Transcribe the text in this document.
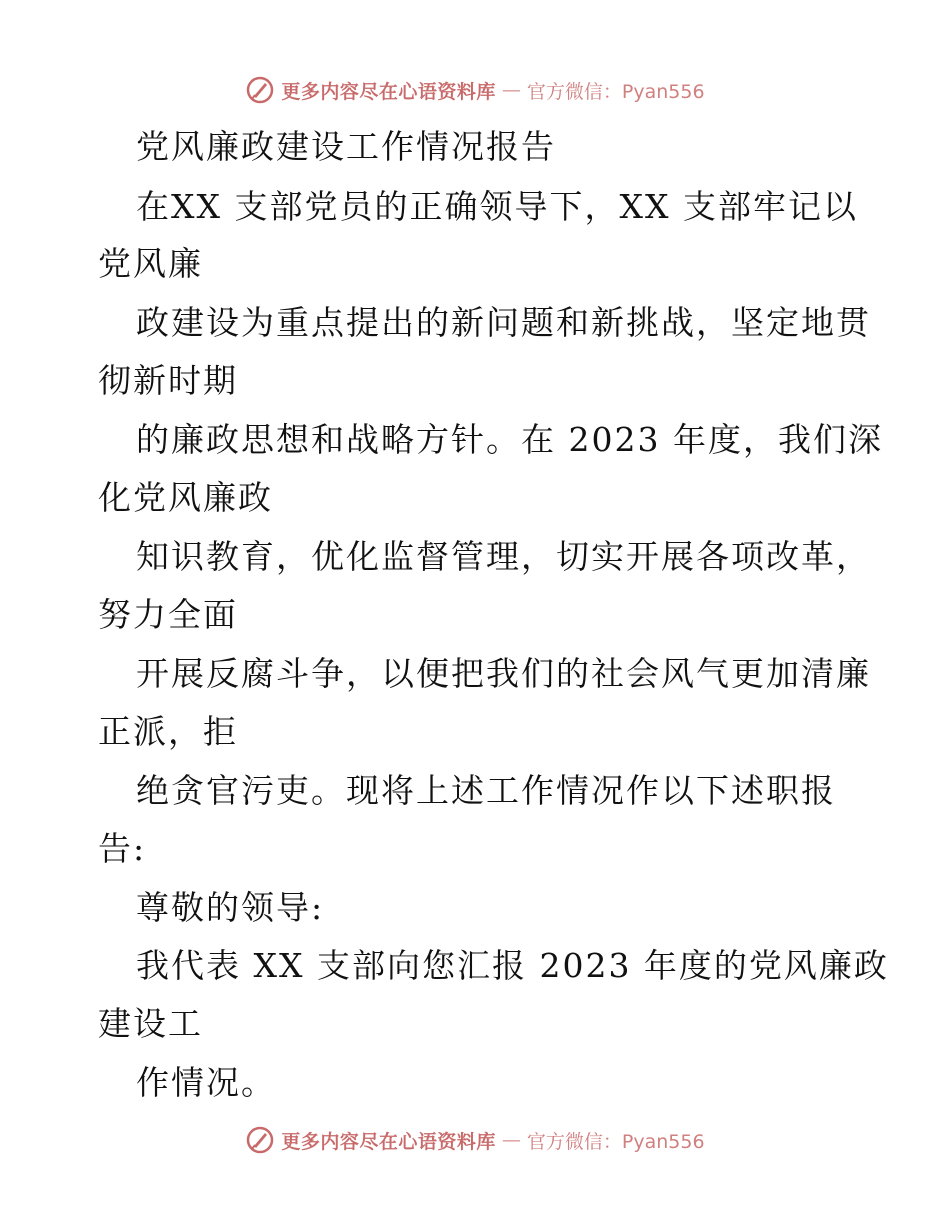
更多内容尽在心语资料库 — 官方微信：Pyan556
党风廉政建设工作情况报告
在XX 支部党员的正确领导下，XX 支部牢记以
党风廉
政建设为重点提出的新问题和新挑战，坚定地贯
彻新时期
的廉政思想和战略方针。在 2023 年度，我们深
化党风廉政
知识教育，优化监督管理，切实开展各项改革，
努力全面
开展反腐斗争，以便把我们的社会风气更加清廉
正派，拒
绝贪官污吏。现将上述工作情况作以下述职报
告:
尊敬的领导:
我代表 XX 支部向您汇报 2023 年度的党风廉政
建设工
作情况。
更多内容尽在心语资料库 — 官方微信：Pyan556
